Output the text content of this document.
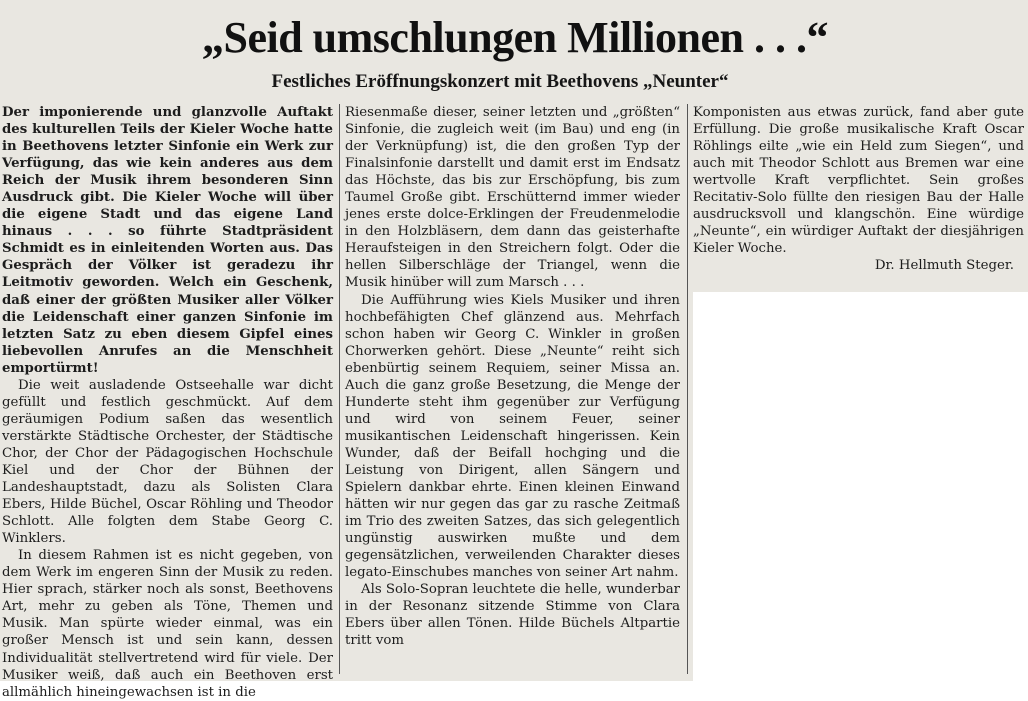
„Seid umschlungen Millionen . . .“
Festliches Eröffnungskonzert mit Beethovens „Neunter“

Der imponierende und glanzvolle Auftakt des kulturellen Teils der Kieler Woche hatte in Beethovens letzter Sinfonie ein Werk zur Verfügung, das wie kein anderes aus dem Reich der Musik ihrem besonderen Sinn Ausdruck gibt. Die Kieler Woche will über die eigene Stadt und das eigene Land hinaus . . . so führte Stadtpräsident Schmidt es in einleitenden Worten aus. Das Gespräch der Völker ist geradezu ihr Leitmotiv geworden. Welch ein Geschenk, daß einer der größten Musiker aller Völker die Leidenschaft einer ganzen Sinfonie im letzten Satz zu eben diesem Gipfel eines liebevollen Anrufes an die Menschheit emportürmt!

Die weit ausladende Ostseehalle war dicht gefüllt und festlich geschmückt. Auf dem geräumigen Podium saßen das wesentlich verstärkte Städtische Orchester, der Städtische Chor, der Chor der Pädagogischen Hochschule Kiel und der Chor der Bühnen der Landeshauptstadt, dazu als Solisten Clara Ebers, Hilde Büchel, Oscar Röhling und Theodor Schlott. Alle folgten dem Stabe Georg C. Winklers.

In diesem Rahmen ist es nicht gegeben, von dem Werk im engeren Sinn der Musik zu reden. Hier sprach, stärker noch als sonst, Beethovens Art, mehr zu geben als Töne, Themen und Musik. Man spürte wieder einmal, was ein großer Mensch ist und sein kann, dessen Individualität stellvertretend wird für viele. Der Musiker weiß, daß auch ein Beethoven erst allmählich hineingewachsen ist in die

Riesenmaße dieser, seiner letzten und „größten“ Sinfonie, die zugleich weit (im Bau) und eng (in der Verknüpfung) ist, die den großen Typ der Finalsinfonie darstellt und damit erst im Endsatz das Höchste, das bis zur Erschöpfung, bis zum Taumel Große gibt. Erschütternd immer wieder jenes erste dolce-Erklingen der Freudenmelodie in den Holzbläsern, dem dann das geisterhafte Heraufsteigen in den Streichern folgt. Oder die hellen Silberschläge der Triangel, wenn die Musik hinüber will zum Marsch . . .

Die Aufführung wies Kiels Musiker und ihren hochbefähigten Chef glänzend aus. Mehrfach schon haben wir Georg C. Winkler in großen Chorwerken gehört. Diese „Neunte“ reiht sich ebenbürtig seinem Requiem, seiner Missa an. Auch die ganz große Besetzung, die Menge der Hunderte steht ihm gegenüber zur Verfügung und wird von seinem Feuer, seiner musikantischen Leidenschaft hingerissen. Kein Wunder, daß der Beifall hochging und die Leistung von Dirigent, allen Sängern und Spielern dankbar ehrte. Einen kleinen Einwand hätten wir nur gegen das gar zu rasche Zeitmaß im Trio des zweiten Satzes, das sich gelegentlich ungünstig auswirken mußte und dem gegensätzlichen, verweilenden Charakter dieses legato-Einschubes manches von seiner Art nahm.

Als Solo-Sopran leuchtete die helle, wunderbar in der Resonanz sitzende Stimme von Clara Ebers über allen Tönen. Hilde Büchels Altpartie tritt vom

Komponisten aus etwas zurück, fand aber gute Erfüllung. Die große musikalische Kraft Oscar Röhlings eilte „wie ein Held zum Siegen“, und auch mit Theodor Schlott aus Bremen war eine wertvolle Kraft verpflichtet. Sein großes Recitativ-Solo füllte den riesigen Bau der Halle ausdrucksvoll und klangschön. Eine würdige „Neunte“, ein würdiger Auftakt der diesjährigen Kieler Woche.

Dr. Hellmuth Steger.
